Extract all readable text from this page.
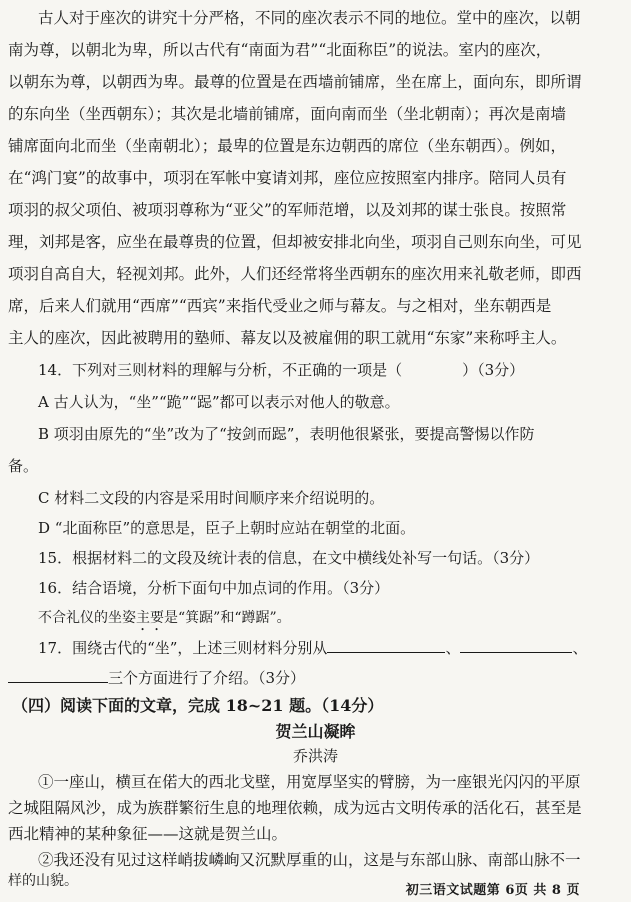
古人对于座次的讲究十分严格，不同的座次表示不同的地位。堂中的座次，以朝
南为尊，以朝北为卑，所以古代有“南面为君”“北面称臣”的说法。室内的座次，
以朝东为尊，以朝西为卑。最尊的位置是在西墙前铺席，坐在席上，面向东，即所谓
的东向坐（坐西朝东）；其次是北墙前铺席，面向南而坐（坐北朝南）；再次是南墙
铺席面向北而坐（坐南朝北）；最卑的位置是东边朝西的席位（坐东朝西）。例如，
在“鸿门宴”的故事中，项羽在军帐中宴请刘邦，座位应按照室内排序。陪同人员有
项羽的叔父项伯、被项羽尊称为“亚父”的军师范增，以及刘邦的谋士张良。按照常
理，刘邦是客，应坐在最尊贵的位置，但却被安排北向坐，项羽自己则东向坐，可见
项羽自高自大，轻视刘邦。此外，人们还经常将坐西朝东的座次用来礼敬老师，即西
席，后来人们就用“西席”“西宾”来指代受业之师与幕友。与之相对，坐东朝西是
主人的座次，因此被聘用的塾师、幕友以及被雇佣的职工就用“东家”来称呼主人。
14．下列对三则材料的理解与分析，不正确的一项是（　　　　）（3分）
A 古人认为，“坐”“跪”“跽”都可以表示对他人的敬意。
B 项羽由原先的“坐”改为了“按剑而跽”，表明他很紧张，要提高警惕以作防
备。
C 材料二文段的内容是采用时间顺序来介绍说明的。
D “北面称臣”的意思是，臣子上朝时应站在朝堂的北面。
15．根据材料二的文段及统计表的信息，在文中横线处补写一句话。（3分）
16．结合语境，分析下面句中加点词的作用。（3分）
不合礼仪的坐姿主要是“箕踞”和“蹲踞”。
17．围绕古代的“坐”，上述三则材料分别从	、	、
三个方面进行了介绍。（3分）
（四）阅读下面的文章，完成 18~21 题。（14分）
贺兰山凝眸
乔洪涛
①一座山，横亘在偌大的西北戈壁，用宽厚坚实的臂膀，为一座银光闪闪的平原
之城阻隔风沙，成为族群繁衍生息的地理依赖，成为远古文明传承的活化石，甚至是
西北精神的某种象征——这就是贺兰山。
②我还没有见过这样峭拔嶙峋又沉默厚重的山，这是与东部山脉、南部山脉不一
初三语文试题第 6页 共 8 页
样的山貌。
